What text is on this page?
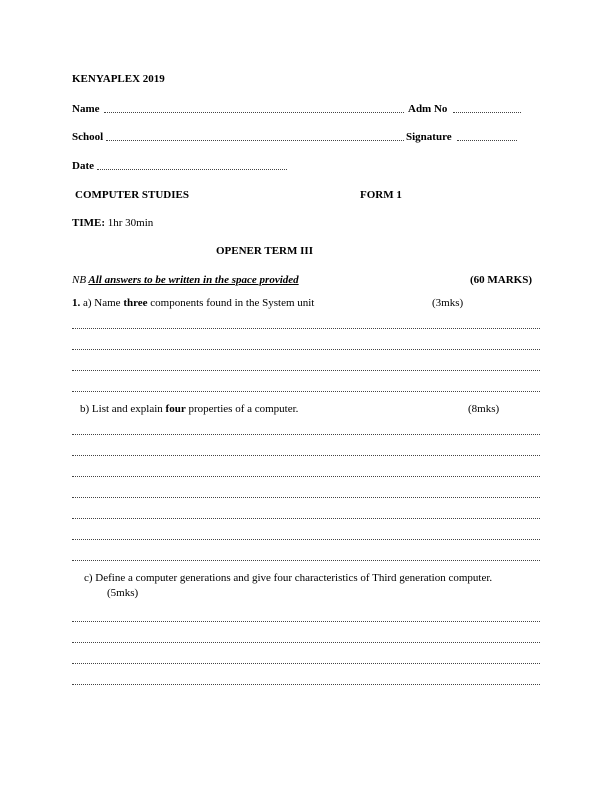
KENYAPLEX 2019
Name	Adm No
School	Signature
Date
COMPUTER STUDIES	FORM 1
TIME: 1hr 30min
OPENER TERM III
NB All answers to be written in the space provided	(60 MARKS)
1. a) Name three components found in the System unit	(3mks)
b) List and explain four properties of a computer.	(8mks)
c) Define a computer generations and give four characteristics of Third generation computer.
(5mks)
